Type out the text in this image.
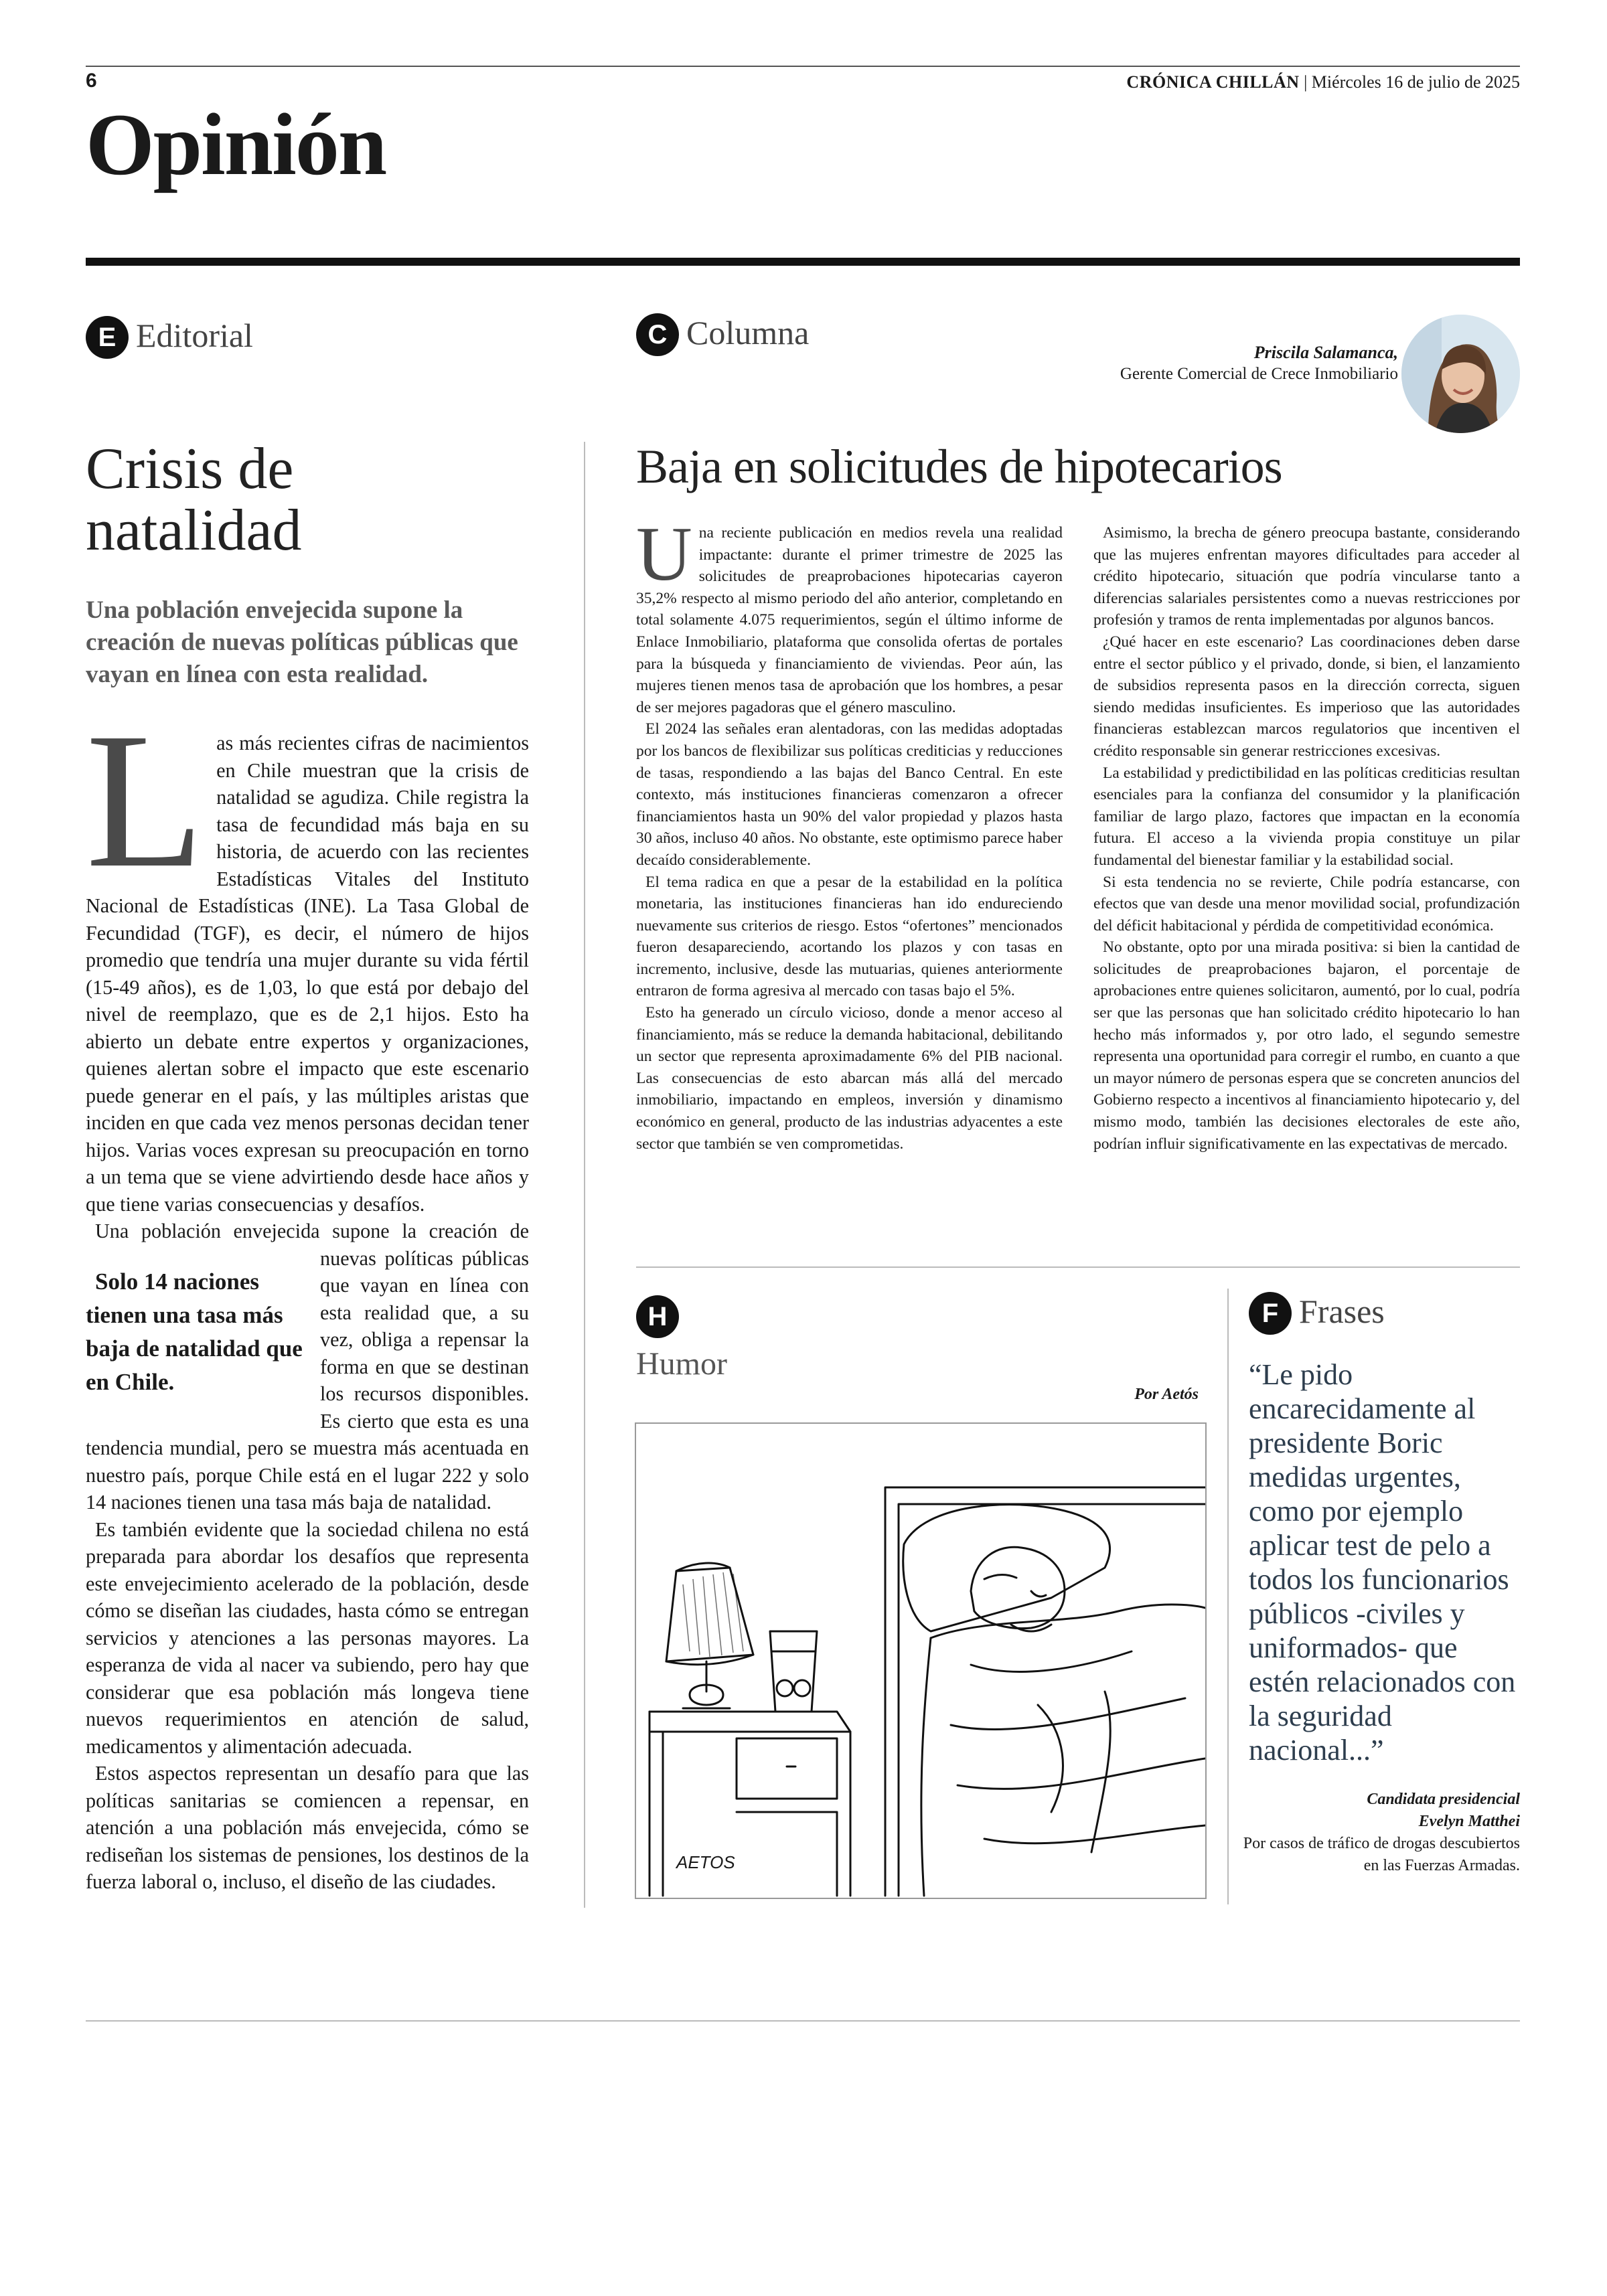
6	CRÓNICA CHILLÁN | Miércoles 16 de julio de 2025
Opinión
E Editorial
Crisis de
natalidad
Una población envejecida supone la creación de nuevas políticas públicas que vayan en línea con esta realidad.

Las más recientes cifras de nacimientos en Chile muestran que la crisis de natalidad se agudiza. Chile registra la tasa de fecundidad más baja en su historia, de acuerdo con las recientes Estadísticas Vitales del Instituto Nacional de Estadísticas (INE). La Tasa Global de Fecundidad (TGF), es decir, el número de hijos promedio que tendría una mujer durante su vida fértil (15-49 años), es de 1,03, lo que está por debajo del nivel de reemplazo, que es de 2,1 hijos. Esto ha abierto un debate entre expertos y organizaciones, quienes alertan sobre el impacto que este escenario puede generar en el país, y las múltiples aristas que inciden en que cada vez menos personas decidan tener hijos. Varias voces expresan su preocupación en torno a un tema que se viene advirtiendo desde hace años y que tiene varias consecuencias y desafíos.

Una población envejecida supone la creación de
Solo 14 naciones tienen una tasa más baja de natalidad que en Chile.
nuevas políticas públicas que vayan en línea con esta realidad que, a su vez, obliga a repensar la forma en que se destinan los recursos disponibles. Es cierto que esta es una tendencia mundial, pero se muestra más acentuada en nuestro país, porque Chile está en el lugar 222 y solo 14 naciones tienen una tasa más baja de natalidad.

Es también evidente que la sociedad chilena no está preparada para abordar los desafíos que representa este envejecimiento acelerado de la población, desde cómo se diseñan las ciudades, hasta cómo se entregan servicios y atenciones a las personas mayores. La esperanza de vida al nacer va subiendo, pero hay que considerar que esa población más longeva tiene nuevos requerimientos en atención de salud, medicamentos y alimentación adecuada.

Estos aspectos representan un desafío para que las políticas sanitarias se comiencen a repensar, en atención a una población más envejecida, cómo se rediseñan los sistemas de pensiones, los destinos de la fuerza laboral o, incluso, el diseño de las ciudades.

C Columna
Priscila Salamanca,
Gerente Comercial de Crece Inmobiliario
Baja en solicitudes de hipotecarios

Una reciente publicación en medios revela una realidad impactante: durante el primer trimestre de 2025 las solicitudes de preaprobaciones hipotecarias cayeron 35,2% respecto al mismo periodo del año anterior, completando en total solamente 4.075 requerimientos, según el último informe de Enlace Inmobiliario, plataforma que consolida ofertas de portales para la búsqueda y financiamiento de viviendas. Peor aún, las mujeres tienen menos tasa de aprobación que los hombres, a pesar de ser mejores pagadoras que el género masculino.

El 2024 las señales eran alentadoras, con las medidas adoptadas por los bancos de flexibilizar sus políticas crediticias y reducciones de tasas, respondiendo a las bajas del Banco Central. En este contexto, más instituciones financieras comenzaron a ofrecer financiamientos hasta un 90% del valor propiedad y plazos hasta 30 años, incluso 40 años. No obstante, este optimismo parece haber decaído considerablemente.

El tema radica en que a pesar de la estabilidad en la política monetaria, las instituciones financieras han ido endureciendo nuevamente sus criterios de riesgo. Estos “ofertones” mencionados fueron desapareciendo, acortando los plazos y con tasas en incremento, inclusive, desde las mutuarias, quienes anteriormente entraron de forma agresiva al mercado con tasas bajo el 5%.

Esto ha generado un círculo vicioso, donde a menor acceso al financiamiento, más se reduce la demanda habitacional, debilitando un sector que representa aproximadamente 6% del PIB nacional. Las consecuencias de esto abarcan más allá del mercado inmobiliario, impactando en empleos, inversión y dinamismo económico en general, producto de las industrias adyacentes a este sector que también se ven comprometidas.

Asimismo, la brecha de género preocupa bastante, considerando que las mujeres enfrentan mayores dificultades para acceder al crédito hipotecario, situación que podría vincularse tanto a diferencias salariales persistentes como a nuevas restricciones por profesión y tramos de renta implementadas por algunos bancos.

¿Qué hacer en este escenario? Las coordinaciones deben darse entre el sector público y el privado, donde, si bien, el lanzamiento de subsidios representa pasos en la dirección correcta, siguen siendo medidas insuficientes. Es imperioso que las autoridades financieras establezcan marcos regulatorios que incentiven el crédito responsable sin generar restricciones excesivas.

La estabilidad y predictibilidad en las políticas crediticias resultan esenciales para la confianza del consumidor y la planificación familiar de largo plazo, factores que impactan en la economía futura. El acceso a la vivienda propia constituye un pilar fundamental del bienestar familiar y la estabilidad social.

Si esta tendencia no se revierte, Chile podría estancarse, con efectos que van desde una menor movilidad social, profundización del déficit habitacional y pérdida de competitividad económica.

No obstante, opto por una mirada positiva: si bien la cantidad de solicitudes de preaprobaciones bajaron, el porcentaje de aprobaciones entre quienes solicitaron, aumentó, por lo cual, podría ser que las personas que han solicitado crédito hipotecario lo han hecho más informados y, por otro lado, el segundo semestre representa una oportunidad para corregir el rumbo, en cuanto a que un mayor número de personas espera que se concreten anuncios del Gobierno respecto a incentivos al financiamiento hipotecario y, del mismo modo, también las decisiones electorales de este año, podrían influir significativamente en las expectativas de mercado.

H
Humor
Por Aetós
AETOS
F Frases
“Le pido encarecidamente al presidente Boric medidas urgentes, como por ejemplo aplicar test de pelo a todos los funcionarios públicos -civiles y uniformados- que estén relacionados con la seguridad nacional...”
Candidata presidencial
Evelyn Matthei
Por casos de tráfico de drogas descubiertos en las Fuerzas Armadas.
